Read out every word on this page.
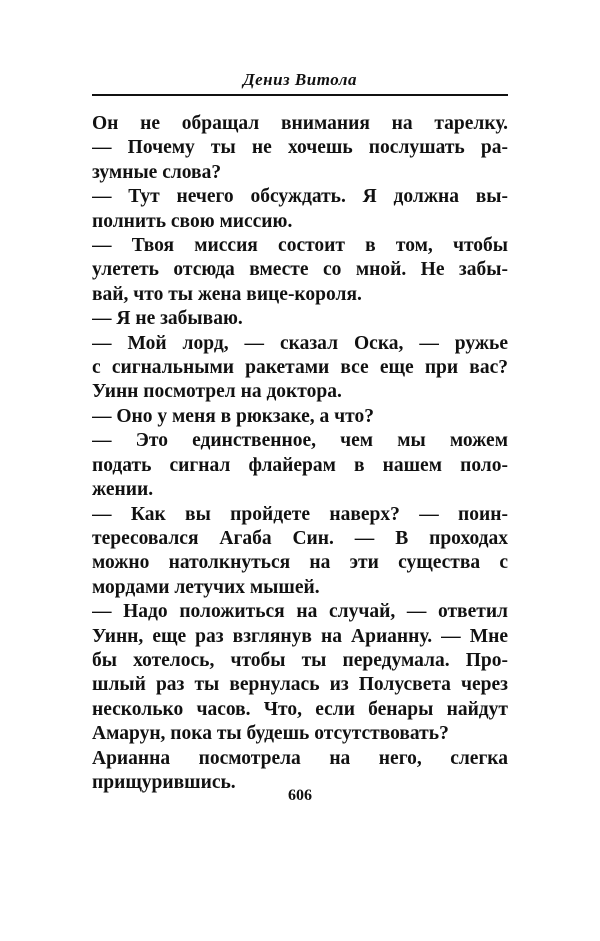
Дениз Витола
Он не обращал внимания на тарелку.
— Почему ты не хочешь послушать ра-
зумные слова?
— Тут нечего обсуждать. Я должна вы-
полнить свою миссию.
— Твоя миссия состоит в том, чтобы
улететь отсюда вместе со мной. Не забы-
вай, что ты жена вице-короля.
— Я не забываю.
— Мой лорд, — сказал Оска, — ружье
с сигнальными ракетами все еще при вас?
Уинн посмотрел на доктора.
— Оно у меня в рюкзаке, а что?
— Это единственное, чем мы можем
подать сигнал флайерам в нашем поло-
жении.
— Как вы пройдете наверх? — поин-
тересовался Агаба Син. — В проходах
можно натолкнуться на эти существа с
мордами летучих мышей.
— Надо положиться на случай, — ответил
Уинн, еще раз взглянув на Арианну. — Мне
бы хотелось, чтобы ты передумала. Про-
шлый раз ты вернулась из Полусвета через
несколько часов. Что, если бенары найдут
Амарун, пока ты будешь отсутствовать?
Арианна посмотрела на него, слегка
прищурившись.
606
